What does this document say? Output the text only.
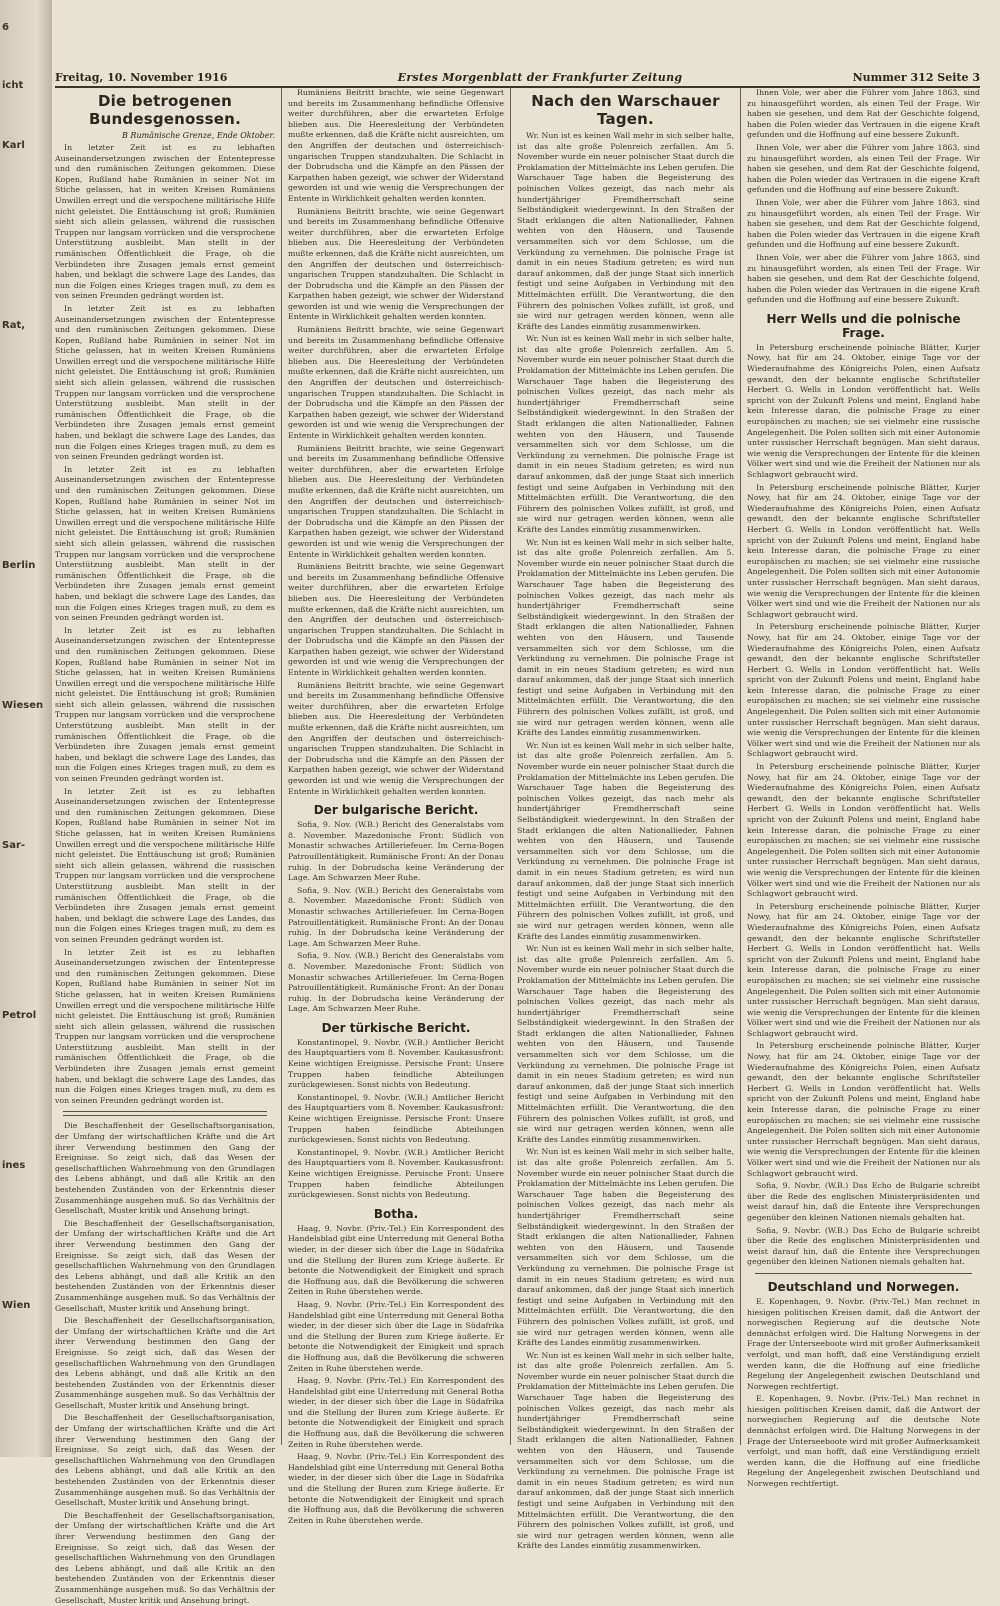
6
icht
Karl
Rat,
Berlin
Wiesen
Sar-
Petrol
ines
Wien
Freitag, 10. November 1916	Erstes Morgenblatt der Frankfurter Zeitung	Nummer 312 Seite 3
Die betrogenen Bundesgenossen.
B Rumänische Grenze, Ende Oktober.

In letzter Zeit ist es zu lebhaften Auseinandersetzungen zwischen der Ententepresse und den rumänischen Zeitungen gekommen. Diese Kopen, Rußland habe Rumänien in seiner Not im Stiche gelassen, hat in weiten Kreisen Rumäniens Unwillen erregt und die verspochene militärische Hilfe nicht geleistet. Die Enttäuschung ist groß; Rumänien sieht sich allein gelassen, während die russischen Truppen nur langsam vorrücken und die versprochene Unterstützung ausbleibt. Man stellt in der rumänischen Öffentlichkeit die Frage, ob die Verbündeten ihre Zusagen jemals ernst gemeint haben, und beklagt die schwere Lage des Landes, das nun die Folgen eines Krieges tragen muß, zu dem es von seinen Freunden gedrängt worden ist.

In letzter Zeit ist es zu lebhaften Auseinandersetzungen zwischen der Ententepresse und den rumänischen Zeitungen gekommen. Diese Kopen, Rußland habe Rumänien in seiner Not im Stiche gelassen, hat in weiten Kreisen Rumäniens Unwillen erregt und die verspochene militärische Hilfe nicht geleistet. Die Enttäuschung ist groß; Rumänien sieht sich allein gelassen, während die russischen Truppen nur langsam vorrücken und die versprochene Unterstützung ausbleibt. Man stellt in der rumänischen Öffentlichkeit die Frage, ob die Verbündeten ihre Zusagen jemals ernst gemeint haben, und beklagt die schwere Lage des Landes, das nun die Folgen eines Krieges tragen muß, zu dem es von seinen Freunden gedrängt worden ist.

In letzter Zeit ist es zu lebhaften Auseinandersetzungen zwischen der Ententepresse und den rumänischen Zeitungen gekommen. Diese Kopen, Rußland habe Rumänien in seiner Not im Stiche gelassen, hat in weiten Kreisen Rumäniens Unwillen erregt und die verspochene militärische Hilfe nicht geleistet. Die Enttäuschung ist groß; Rumänien sieht sich allein gelassen, während die russischen Truppen nur langsam vorrücken und die versprochene Unterstützung ausbleibt. Man stellt in der rumänischen Öffentlichkeit die Frage, ob die Verbündeten ihre Zusagen jemals ernst gemeint haben, und beklagt die schwere Lage des Landes, das nun die Folgen eines Krieges tragen muß, zu dem es von seinen Freunden gedrängt worden ist.

In letzter Zeit ist es zu lebhaften Auseinandersetzungen zwischen der Ententepresse und den rumänischen Zeitungen gekommen. Diese Kopen, Rußland habe Rumänien in seiner Not im Stiche gelassen, hat in weiten Kreisen Rumäniens Unwillen erregt und die verspochene militärische Hilfe nicht geleistet. Die Enttäuschung ist groß; Rumänien sieht sich allein gelassen, während die russischen Truppen nur langsam vorrücken und die versprochene Unterstützung ausbleibt. Man stellt in der rumänischen Öffentlichkeit die Frage, ob die Verbündeten ihre Zusagen jemals ernst gemeint haben, und beklagt die schwere Lage des Landes, das nun die Folgen eines Krieges tragen muß, zu dem es von seinen Freunden gedrängt worden ist.

In letzter Zeit ist es zu lebhaften Auseinandersetzungen zwischen der Ententepresse und den rumänischen Zeitungen gekommen. Diese Kopen, Rußland habe Rumänien in seiner Not im Stiche gelassen, hat in weiten Kreisen Rumäniens Unwillen erregt und die verspochene militärische Hilfe nicht geleistet. Die Enttäuschung ist groß; Rumänien sieht sich allein gelassen, während die russischen Truppen nur langsam vorrücken und die versprochene Unterstützung ausbleibt. Man stellt in der rumänischen Öffentlichkeit die Frage, ob die Verbündeten ihre Zusagen jemals ernst gemeint haben, und beklagt die schwere Lage des Landes, das nun die Folgen eines Krieges tragen muß, zu dem es von seinen Freunden gedrängt worden ist.

In letzter Zeit ist es zu lebhaften Auseinandersetzungen zwischen der Ententepresse und den rumänischen Zeitungen gekommen. Diese Kopen, Rußland habe Rumänien in seiner Not im Stiche gelassen, hat in weiten Kreisen Rumäniens Unwillen erregt und die verspochene militärische Hilfe nicht geleistet. Die Enttäuschung ist groß; Rumänien sieht sich allein gelassen, während die russischen Truppen nur langsam vorrücken und die versprochene Unterstützung ausbleibt. Man stellt in der rumänischen Öffentlichkeit die Frage, ob die Verbündeten ihre Zusagen jemals ernst gemeint haben, und beklagt die schwere Lage des Landes, das nun die Folgen eines Krieges tragen muß, zu dem es von seinen Freunden gedrängt worden ist.

Die Beschaffenheit der Gesellschaftsorganisation, der Umfang der wirtschaftlichen Kräfte und die Art ihrer Verwendung bestimmen den Gang der Ereignisse. So zeigt sich, daß das Wesen der gesellschaftlichen Wahrnehmung von den Grundlagen des Lebens abhängt, und daß alle Kritik an den bestehenden Zuständen von der Erkenntnis dieser Zusammenhänge ausgehen muß. So das Verhältnis der Gesellschaft, Muster kritik und Ansehung bringt.

Die Beschaffenheit der Gesellschaftsorganisation, der Umfang der wirtschaftlichen Kräfte und die Art ihrer Verwendung bestimmen den Gang der Ereignisse. So zeigt sich, daß das Wesen der gesellschaftlichen Wahrnehmung von den Grundlagen des Lebens abhängt, und daß alle Kritik an den bestehenden Zuständen von der Erkenntnis dieser Zusammenhänge ausgehen muß. So das Verhältnis der Gesellschaft, Muster kritik und Ansehung bringt.

Die Beschaffenheit der Gesellschaftsorganisation, der Umfang der wirtschaftlichen Kräfte und die Art ihrer Verwendung bestimmen den Gang der Ereignisse. So zeigt sich, daß das Wesen der gesellschaftlichen Wahrnehmung von den Grundlagen des Lebens abhängt, und daß alle Kritik an den bestehenden Zuständen von der Erkenntnis dieser Zusammenhänge ausgehen muß. So das Verhältnis der Gesellschaft, Muster kritik und Ansehung bringt.

Die Beschaffenheit der Gesellschaftsorganisation, der Umfang der wirtschaftlichen Kräfte und die Art ihrer Verwendung bestimmen den Gang der Ereignisse. So zeigt sich, daß das Wesen der gesellschaftlichen Wahrnehmung von den Grundlagen des Lebens abhängt, und daß alle Kritik an den bestehenden Zuständen von der Erkenntnis dieser Zusammenhänge ausgehen muß. So das Verhältnis der Gesellschaft, Muster kritik und Ansehung bringt.

Die Beschaffenheit der Gesellschaftsorganisation, der Umfang der wirtschaftlichen Kräfte und die Art ihrer Verwendung bestimmen den Gang der Ereignisse. So zeigt sich, daß das Wesen der gesellschaftlichen Wahrnehmung von den Grundlagen des Lebens abhängt, und daß alle Kritik an den bestehenden Zuständen von der Erkenntnis dieser Zusammenhänge ausgehen muß. So das Verhältnis der Gesellschaft, Muster kritik und Ansehung bringt.

Rumäniens Beitritt brachte, wie seine Gegenwart und bereits im Zusammenhang befindliche Offensive weiter durchführen, aber die erwarteten Erfolge blieben aus. Die Heeresleitung der Verbündeten mußte erkennen, daß die Kräfte nicht ausreichten, um den Angriffen der deutschen und österreichisch-ungarischen Truppen standzuhalten. Die Schlacht in der Dobrudscha und die Kämpfe an den Pässen der Karpathen haben gezeigt, wie schwer der Widerstand geworden ist und wie wenig die Versprechungen der Entente in Wirklichkeit gehalten werden konnten.

Rumäniens Beitritt brachte, wie seine Gegenwart und bereits im Zusammenhang befindliche Offensive weiter durchführen, aber die erwarteten Erfolge blieben aus. Die Heeresleitung der Verbündeten mußte erkennen, daß die Kräfte nicht ausreichten, um den Angriffen der deutschen und österreichisch-ungarischen Truppen standzuhalten. Die Schlacht in der Dobrudscha und die Kämpfe an den Pässen der Karpathen haben gezeigt, wie schwer der Widerstand geworden ist und wie wenig die Versprechungen der Entente in Wirklichkeit gehalten werden konnten.

Rumäniens Beitritt brachte, wie seine Gegenwart und bereits im Zusammenhang befindliche Offensive weiter durchführen, aber die erwarteten Erfolge blieben aus. Die Heeresleitung der Verbündeten mußte erkennen, daß die Kräfte nicht ausreichten, um den Angriffen der deutschen und österreichisch-ungarischen Truppen standzuhalten. Die Schlacht in der Dobrudscha und die Kämpfe an den Pässen der Karpathen haben gezeigt, wie schwer der Widerstand geworden ist und wie wenig die Versprechungen der Entente in Wirklichkeit gehalten werden konnten.

Rumäniens Beitritt brachte, wie seine Gegenwart und bereits im Zusammenhang befindliche Offensive weiter durchführen, aber die erwarteten Erfolge blieben aus. Die Heeresleitung der Verbündeten mußte erkennen, daß die Kräfte nicht ausreichten, um den Angriffen der deutschen und österreichisch-ungarischen Truppen standzuhalten. Die Schlacht in der Dobrudscha und die Kämpfe an den Pässen der Karpathen haben gezeigt, wie schwer der Widerstand geworden ist und wie wenig die Versprechungen der Entente in Wirklichkeit gehalten werden konnten.

Rumäniens Beitritt brachte, wie seine Gegenwart und bereits im Zusammenhang befindliche Offensive weiter durchführen, aber die erwarteten Erfolge blieben aus. Die Heeresleitung der Verbündeten mußte erkennen, daß die Kräfte nicht ausreichten, um den Angriffen der deutschen und österreichisch-ungarischen Truppen standzuhalten. Die Schlacht in der Dobrudscha und die Kämpfe an den Pässen der Karpathen haben gezeigt, wie schwer der Widerstand geworden ist und wie wenig die Versprechungen der Entente in Wirklichkeit gehalten werden konnten.

Rumäniens Beitritt brachte, wie seine Gegenwart und bereits im Zusammenhang befindliche Offensive weiter durchführen, aber die erwarteten Erfolge blieben aus. Die Heeresleitung der Verbündeten mußte erkennen, daß die Kräfte nicht ausreichten, um den Angriffen der deutschen und österreichisch-ungarischen Truppen standzuhalten. Die Schlacht in der Dobrudscha und die Kämpfe an den Pässen der Karpathen haben gezeigt, wie schwer der Widerstand geworden ist und wie wenig die Versprechungen der Entente in Wirklichkeit gehalten werden konnten.

Der bulgarische Bericht.

Sofia, 9. Nov. (W.B.) Bericht des Generalstabs vom 8. November. Mazedonische Front: Südlich von Monastir schwaches Artilleriefeuer. Im Cerna-Bogen Patrouillentätigkeit. Rumänische Front: An der Donau ruhig. In der Dobrudscha keine Veränderung der Lage. Am Schwarzen Meer Ruhe.

Sofia, 9. Nov. (W.B.) Bericht des Generalstabs vom 8. November. Mazedonische Front: Südlich von Monastir schwaches Artilleriefeuer. Im Cerna-Bogen Patrouillentätigkeit. Rumänische Front: An der Donau ruhig. In der Dobrudscha keine Veränderung der Lage. Am Schwarzen Meer Ruhe.

Sofia, 9. Nov. (W.B.) Bericht des Generalstabs vom 8. November. Mazedonische Front: Südlich von Monastir schwaches Artilleriefeuer. Im Cerna-Bogen Patrouillentätigkeit. Rumänische Front: An der Donau ruhig. In der Dobrudscha keine Veränderung der Lage. Am Schwarzen Meer Ruhe.

Der türkische Bericht.

Konstantinopel, 9. Novbr. (W.B.) Amtlicher Bericht des Hauptquartiers vom 8. November. Kaukasusfront: Keine wichtigen Ereignisse. Persische Front: Unsere Truppen haben feindliche Abteilungen zurückgewiesen. Sonst nichts von Bedeutung.

Konstantinopel, 9. Novbr. (W.B.) Amtlicher Bericht des Hauptquartiers vom 8. November. Kaukasusfront: Keine wichtigen Ereignisse. Persische Front: Unsere Truppen haben feindliche Abteilungen zurückgewiesen. Sonst nichts von Bedeutung.

Konstantinopel, 9. Novbr. (W.B.) Amtlicher Bericht des Hauptquartiers vom 8. November. Kaukasusfront: Keine wichtigen Ereignisse. Persische Front: Unsere Truppen haben feindliche Abteilungen zurückgewiesen. Sonst nichts von Bedeutung.

Botha.

Haag, 9. Novbr. (Priv.-Tel.) Ein Korrespondent des Handelsblad gibt eine Unterredung mit General Botha wieder, in der dieser sich über die Lage in Südafrika und die Stellung der Buren zum Kriege äußerte. Er betonte die Notwendigkeit der Einigkeit und sprach die Hoffnung aus, daß die Bevölkerung die schweren Zeiten in Ruhe überstehen werde.

Haag, 9. Novbr. (Priv.-Tel.) Ein Korrespondent des Handelsblad gibt eine Unterredung mit General Botha wieder, in der dieser sich über die Lage in Südafrika und die Stellung der Buren zum Kriege äußerte. Er betonte die Notwendigkeit der Einigkeit und sprach die Hoffnung aus, daß die Bevölkerung die schweren Zeiten in Ruhe überstehen werde.

Haag, 9. Novbr. (Priv.-Tel.) Ein Korrespondent des Handelsblad gibt eine Unterredung mit General Botha wieder, in der dieser sich über die Lage in Südafrika und die Stellung der Buren zum Kriege äußerte. Er betonte die Notwendigkeit der Einigkeit und sprach die Hoffnung aus, daß die Bevölkerung die schweren Zeiten in Ruhe überstehen werde.

Haag, 9. Novbr. (Priv.-Tel.) Ein Korrespondent des Handelsblad gibt eine Unterredung mit General Botha wieder, in der dieser sich über die Lage in Südafrika und die Stellung der Buren zum Kriege äußerte. Er betonte die Notwendigkeit der Einigkeit und sprach die Hoffnung aus, daß die Bevölkerung die schweren Zeiten in Ruhe überstehen werde.

Nach den Warschauer Tagen.

Wr. Nun ist es keinen Wall mehr in sich selber halte, ist das alte große Polenreich zerfallen. Am 5. November wurde ein neuer polnischer Staat durch die Proklamation der Mittelmächte ins Leben gerufen. Die Warschauer Tage haben die Begeisterung des polnischen Volkes gezeigt, das nach mehr als hundertjähriger Fremdherrschaft seine Selbständigkeit wiedergewinnt. In den Straßen der Stadt erklangen die alten Nationallieder, Fahnen wehten von den Häusern, und Tausende versammelten sich vor dem Schlosse, um die Verkündung zu vernehmen. Die polnische Frage ist damit in ein neues Stadium getreten; es wird nun darauf ankommen, daß der junge Staat sich innerlich festigt und seine Aufgaben in Verbindung mit den Mittelmächten erfüllt. Die Verantwortung, die den Führern des polnischen Volkes zufällt, ist groß, und sie wird nur getragen werden können, wenn alle Kräfte des Landes einmütig zusammenwirken.

Wr. Nun ist es keinen Wall mehr in sich selber halte, ist das alte große Polenreich zerfallen. Am 5. November wurde ein neuer polnischer Staat durch die Proklamation der Mittelmächte ins Leben gerufen. Die Warschauer Tage haben die Begeisterung des polnischen Volkes gezeigt, das nach mehr als hundertjähriger Fremdherrschaft seine Selbständigkeit wiedergewinnt. In den Straßen der Stadt erklangen die alten Nationallieder, Fahnen wehten von den Häusern, und Tausende versammelten sich vor dem Schlosse, um die Verkündung zu vernehmen. Die polnische Frage ist damit in ein neues Stadium getreten; es wird nun darauf ankommen, daß der junge Staat sich innerlich festigt und seine Aufgaben in Verbindung mit den Mittelmächten erfüllt. Die Verantwortung, die den Führern des polnischen Volkes zufällt, ist groß, und sie wird nur getragen werden können, wenn alle Kräfte des Landes einmütig zusammenwirken.

Wr. Nun ist es keinen Wall mehr in sich selber halte, ist das alte große Polenreich zerfallen. Am 5. November wurde ein neuer polnischer Staat durch die Proklamation der Mittelmächte ins Leben gerufen. Die Warschauer Tage haben die Begeisterung des polnischen Volkes gezeigt, das nach mehr als hundertjähriger Fremdherrschaft seine Selbständigkeit wiedergewinnt. In den Straßen der Stadt erklangen die alten Nationallieder, Fahnen wehten von den Häusern, und Tausende versammelten sich vor dem Schlosse, um die Verkündung zu vernehmen. Die polnische Frage ist damit in ein neues Stadium getreten; es wird nun darauf ankommen, daß der junge Staat sich innerlich festigt und seine Aufgaben in Verbindung mit den Mittelmächten erfüllt. Die Verantwortung, die den Führern des polnischen Volkes zufällt, ist groß, und sie wird nur getragen werden können, wenn alle Kräfte des Landes einmütig zusammenwirken.

Wr. Nun ist es keinen Wall mehr in sich selber halte, ist das alte große Polenreich zerfallen. Am 5. November wurde ein neuer polnischer Staat durch die Proklamation der Mittelmächte ins Leben gerufen. Die Warschauer Tage haben die Begeisterung des polnischen Volkes gezeigt, das nach mehr als hundertjähriger Fremdherrschaft seine Selbständigkeit wiedergewinnt. In den Straßen der Stadt erklangen die alten Nationallieder, Fahnen wehten von den Häusern, und Tausende versammelten sich vor dem Schlosse, um die Verkündung zu vernehmen. Die polnische Frage ist damit in ein neues Stadium getreten; es wird nun darauf ankommen, daß der junge Staat sich innerlich festigt und seine Aufgaben in Verbindung mit den Mittelmächten erfüllt. Die Verantwortung, die den Führern des polnischen Volkes zufällt, ist groß, und sie wird nur getragen werden können, wenn alle Kräfte des Landes einmütig zusammenwirken.

Wr. Nun ist es keinen Wall mehr in sich selber halte, ist das alte große Polenreich zerfallen. Am 5. November wurde ein neuer polnischer Staat durch die Proklamation der Mittelmächte ins Leben gerufen. Die Warschauer Tage haben die Begeisterung des polnischen Volkes gezeigt, das nach mehr als hundertjähriger Fremdherrschaft seine Selbständigkeit wiedergewinnt. In den Straßen der Stadt erklangen die alten Nationallieder, Fahnen wehten von den Häusern, und Tausende versammelten sich vor dem Schlosse, um die Verkündung zu vernehmen. Die polnische Frage ist damit in ein neues Stadium getreten; es wird nun darauf ankommen, daß der junge Staat sich innerlich festigt und seine Aufgaben in Verbindung mit den Mittelmächten erfüllt. Die Verantwortung, die den Führern des polnischen Volkes zufällt, ist groß, und sie wird nur getragen werden können, wenn alle Kräfte des Landes einmütig zusammenwirken.

Wr. Nun ist es keinen Wall mehr in sich selber halte, ist das alte große Polenreich zerfallen. Am 5. November wurde ein neuer polnischer Staat durch die Proklamation der Mittelmächte ins Leben gerufen. Die Warschauer Tage haben die Begeisterung des polnischen Volkes gezeigt, das nach mehr als hundertjähriger Fremdherrschaft seine Selbständigkeit wiedergewinnt. In den Straßen der Stadt erklangen die alten Nationallieder, Fahnen wehten von den Häusern, und Tausende versammelten sich vor dem Schlosse, um die Verkündung zu vernehmen. Die polnische Frage ist damit in ein neues Stadium getreten; es wird nun darauf ankommen, daß der junge Staat sich innerlich festigt und seine Aufgaben in Verbindung mit den Mittelmächten erfüllt. Die Verantwortung, die den Führern des polnischen Volkes zufällt, ist groß, und sie wird nur getragen werden können, wenn alle Kräfte des Landes einmütig zusammenwirken.

Wr. Nun ist es keinen Wall mehr in sich selber halte, ist das alte große Polenreich zerfallen. Am 5. November wurde ein neuer polnischer Staat durch die Proklamation der Mittelmächte ins Leben gerufen. Die Warschauer Tage haben die Begeisterung des polnischen Volkes gezeigt, das nach mehr als hundertjähriger Fremdherrschaft seine Selbständigkeit wiedergewinnt. In den Straßen der Stadt erklangen die alten Nationallieder, Fahnen wehten von den Häusern, und Tausende versammelten sich vor dem Schlosse, um die Verkündung zu vernehmen. Die polnische Frage ist damit in ein neues Stadium getreten; es wird nun darauf ankommen, daß der junge Staat sich innerlich festigt und seine Aufgaben in Verbindung mit den Mittelmächten erfüllt. Die Verantwortung, die den Führern des polnischen Volkes zufällt, ist groß, und sie wird nur getragen werden können, wenn alle Kräfte des Landes einmütig zusammenwirken.

Ihnen Vole, wer aber die Führer vom Jahre 1863, sind zu hinausgeführt worden, als einen Teil der Frage. Wir haben sie gesehen, und dem Rat der Geschichte folgend, haben die Polen wieder das Vertrauen in die eigene Kraft gefunden und die Hoffnung auf eine bessere Zukunft.

Ihnen Vole, wer aber die Führer vom Jahre 1863, sind zu hinausgeführt worden, als einen Teil der Frage. Wir haben sie gesehen, und dem Rat der Geschichte folgend, haben die Polen wieder das Vertrauen in die eigene Kraft gefunden und die Hoffnung auf eine bessere Zukunft.

Ihnen Vole, wer aber die Führer vom Jahre 1863, sind zu hinausgeführt worden, als einen Teil der Frage. Wir haben sie gesehen, und dem Rat der Geschichte folgend, haben die Polen wieder das Vertrauen in die eigene Kraft gefunden und die Hoffnung auf eine bessere Zukunft.

Ihnen Vole, wer aber die Führer vom Jahre 1863, sind zu hinausgeführt worden, als einen Teil der Frage. Wir haben sie gesehen, und dem Rat der Geschichte folgend, haben die Polen wieder das Vertrauen in die eigene Kraft gefunden und die Hoffnung auf eine bessere Zukunft.

Herr Wells und die polnische Frage.

In Petersburg erscheinende polnische Blätter, Kurjer Nowy, hat für am 24. Oktober, einige Tage vor der Wiederaufnahme des Königreichs Polen, einen Aufsatz gewandt, den der bekannte englische Schriftsteller Herbert G. Wells in London veröffentlicht hat. Wells spricht von der Zukunft Polens und meint, England habe kein Interesse daran, die polnische Frage zu einer europäischen zu machen; sie sei vielmehr eine russische Angelegenheit. Die Polen sollten sich mit einer Autonomie unter russischer Herrschaft begnügen. Man sieht daraus, wie wenig die Versprechungen der Entente für die kleinen Völker wert sind und wie die Freiheit der Nationen nur als Schlagwort gebraucht wird.

In Petersburg erscheinende polnische Blätter, Kurjer Nowy, hat für am 24. Oktober, einige Tage vor der Wiederaufnahme des Königreichs Polen, einen Aufsatz gewandt, den der bekannte englische Schriftsteller Herbert G. Wells in London veröffentlicht hat. Wells spricht von der Zukunft Polens und meint, England habe kein Interesse daran, die polnische Frage zu einer europäischen zu machen; sie sei vielmehr eine russische Angelegenheit. Die Polen sollten sich mit einer Autonomie unter russischer Herrschaft begnügen. Man sieht daraus, wie wenig die Versprechungen der Entente für die kleinen Völker wert sind und wie die Freiheit der Nationen nur als Schlagwort gebraucht wird.

In Petersburg erscheinende polnische Blätter, Kurjer Nowy, hat für am 24. Oktober, einige Tage vor der Wiederaufnahme des Königreichs Polen, einen Aufsatz gewandt, den der bekannte englische Schriftsteller Herbert G. Wells in London veröffentlicht hat. Wells spricht von der Zukunft Polens und meint, England habe kein Interesse daran, die polnische Frage zu einer europäischen zu machen; sie sei vielmehr eine russische Angelegenheit. Die Polen sollten sich mit einer Autonomie unter russischer Herrschaft begnügen. Man sieht daraus, wie wenig die Versprechungen der Entente für die kleinen Völker wert sind und wie die Freiheit der Nationen nur als Schlagwort gebraucht wird.

In Petersburg erscheinende polnische Blätter, Kurjer Nowy, hat für am 24. Oktober, einige Tage vor der Wiederaufnahme des Königreichs Polen, einen Aufsatz gewandt, den der bekannte englische Schriftsteller Herbert G. Wells in London veröffentlicht hat. Wells spricht von der Zukunft Polens und meint, England habe kein Interesse daran, die polnische Frage zu einer europäischen zu machen; sie sei vielmehr eine russische Angelegenheit. Die Polen sollten sich mit einer Autonomie unter russischer Herrschaft begnügen. Man sieht daraus, wie wenig die Versprechungen der Entente für die kleinen Völker wert sind und wie die Freiheit der Nationen nur als Schlagwort gebraucht wird.

In Petersburg erscheinende polnische Blätter, Kurjer Nowy, hat für am 24. Oktober, einige Tage vor der Wiederaufnahme des Königreichs Polen, einen Aufsatz gewandt, den der bekannte englische Schriftsteller Herbert G. Wells in London veröffentlicht hat. Wells spricht von der Zukunft Polens und meint, England habe kein Interesse daran, die polnische Frage zu einer europäischen zu machen; sie sei vielmehr eine russische Angelegenheit. Die Polen sollten sich mit einer Autonomie unter russischer Herrschaft begnügen. Man sieht daraus, wie wenig die Versprechungen der Entente für die kleinen Völker wert sind und wie die Freiheit der Nationen nur als Schlagwort gebraucht wird.

In Petersburg erscheinende polnische Blätter, Kurjer Nowy, hat für am 24. Oktober, einige Tage vor der Wiederaufnahme des Königreichs Polen, einen Aufsatz gewandt, den der bekannte englische Schriftsteller Herbert G. Wells in London veröffentlicht hat. Wells spricht von der Zukunft Polens und meint, England habe kein Interesse daran, die polnische Frage zu einer europäischen zu machen; sie sei vielmehr eine russische Angelegenheit. Die Polen sollten sich mit einer Autonomie unter russischer Herrschaft begnügen. Man sieht daraus, wie wenig die Versprechungen der Entente für die kleinen Völker wert sind und wie die Freiheit der Nationen nur als Schlagwort gebraucht wird.

Sofia, 9. Novbr. (W.B.) Das Echo de Bulgarie schreibt über die Rede des englischen Ministerpräsidenten und weist darauf hin, daß die Entente ihre Versprechungen gegenüber den kleinen Nationen niemals gehalten hat.

Sofia, 9. Novbr. (W.B.) Das Echo de Bulgarie schreibt über die Rede des englischen Ministerpräsidenten und weist darauf hin, daß die Entente ihre Versprechungen gegenüber den kleinen Nationen niemals gehalten hat.

Deutschland und Norwegen.

E. Kopenhagen, 9. Novbr. (Priv.-Tel.) Man rechnet in hiesigen politischen Kreisen damit, daß die Antwort der norwegischen Regierung auf die deutsche Note demnächst erfolgen wird. Die Haltung Norwegens in der Frage der Unterseeboote wird mit großer Aufmerksamkeit verfolgt, und man hofft, daß eine Verständigung erzielt werden kann, die die Hoffnung auf eine friedliche Regelung der Angelegenheit zwischen Deutschland und Norwegen rechtfertigt.

E. Kopenhagen, 9. Novbr. (Priv.-Tel.) Man rechnet in hiesigen politischen Kreisen damit, daß die Antwort der norwegischen Regierung auf die deutsche Note demnächst erfolgen wird. Die Haltung Norwegens in der Frage der Unterseeboote wird mit großer Aufmerksamkeit verfolgt, und man hofft, daß eine Verständigung erzielt werden kann, die die Hoffnung auf eine friedliche Regelung der Angelegenheit zwischen Deutschland und Norwegen rechtfertigt.
